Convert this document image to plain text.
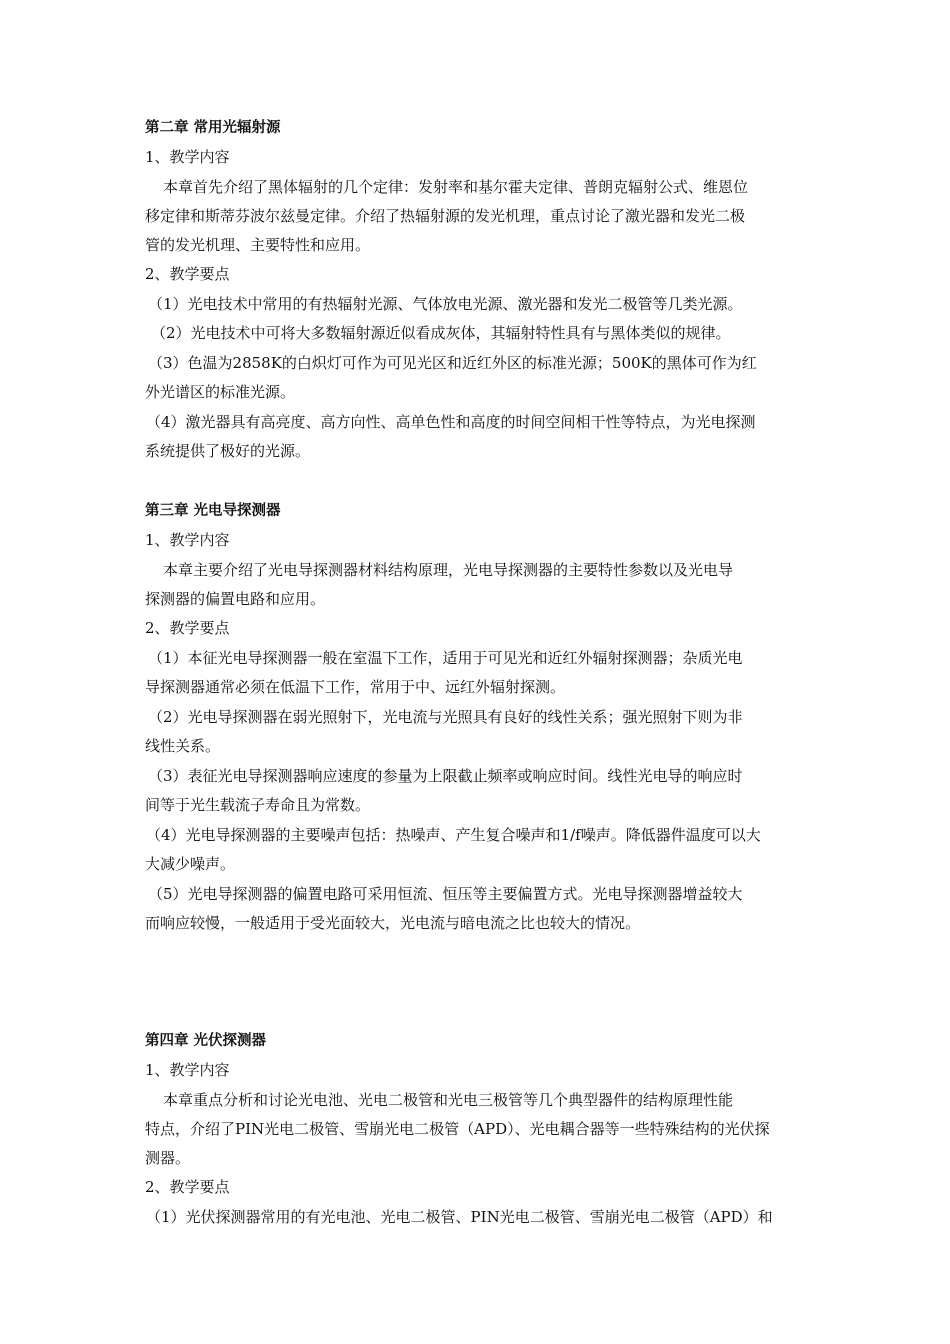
第二章 常用光辐射源
1、教学内容
本章首先介绍了黑体辐射的几个定律：发射率和基尔霍夫定律、普朗克辐射公式、维恩位
移定律和斯蒂芬波尔兹曼定律。介绍了热辐射源的发光机理，重点讨论了激光器和发光二极
管的发光机理、主要特性和应用。
2、教学要点
（1）光电技术中常用的有热辐射光源、气体放电光源、激光器和发光二极管等几类光源。
（2）光电技术中可将大多数辐射源近似看成灰体，其辐射特性具有与黑体类似的规律。
（3）色温为2858K的白炽灯可作为可见光区和近红外区的标准光源；500K的黑体可作为红
外光谱区的标准光源。
（4）激光器具有高亮度、高方向性、高单色性和高度的时间空间相干性等特点，为光电探测
系统提供了极好的光源。
第三章 光电导探测器
1、教学内容
本章主要介绍了光电导探测器材料结构原理，光电导探测器的主要特性参数以及光电导
探测器的偏置电路和应用。
2、教学要点
（1）本征光电导探测器一般在室温下工作，适用于可见光和近红外辐射探测器；杂质光电
导探测器通常必须在低温下工作，常用于中、远红外辐射探测。
（2）光电导探测器在弱光照射下，光电流与光照具有良好的线性关系；强光照射下则为非
线性关系。
（3）表征光电导探测器响应速度的参量为上限截止频率或响应时间。线性光电导的响应时
间等于光生载流子寿命且为常数。
（4）光电导探测器的主要噪声包括：热噪声、产生复合噪声和1/f噪声。降低器件温度可以大
大减少噪声。
（5）光电导探测器的偏置电路可采用恒流、恒压等主要偏置方式。光电导探测器增益较大
而响应较慢，一般适用于受光面较大，光电流与暗电流之比也较大的情况。
第四章 光伏探测器
1、教学内容
本章重点分析和讨论光电池、光电二极管和光电三极管等几个典型器件的结构原理性能
特点，介绍了PIN光电二极管、雪崩光电二极管（APD）、光电耦合器等一些特殊结构的光伏探
测器。
2、教学要点
（1）光伏探测器常用的有光电池、光电二极管、PIN光电二极管、雪崩光电二极管（APD）和
